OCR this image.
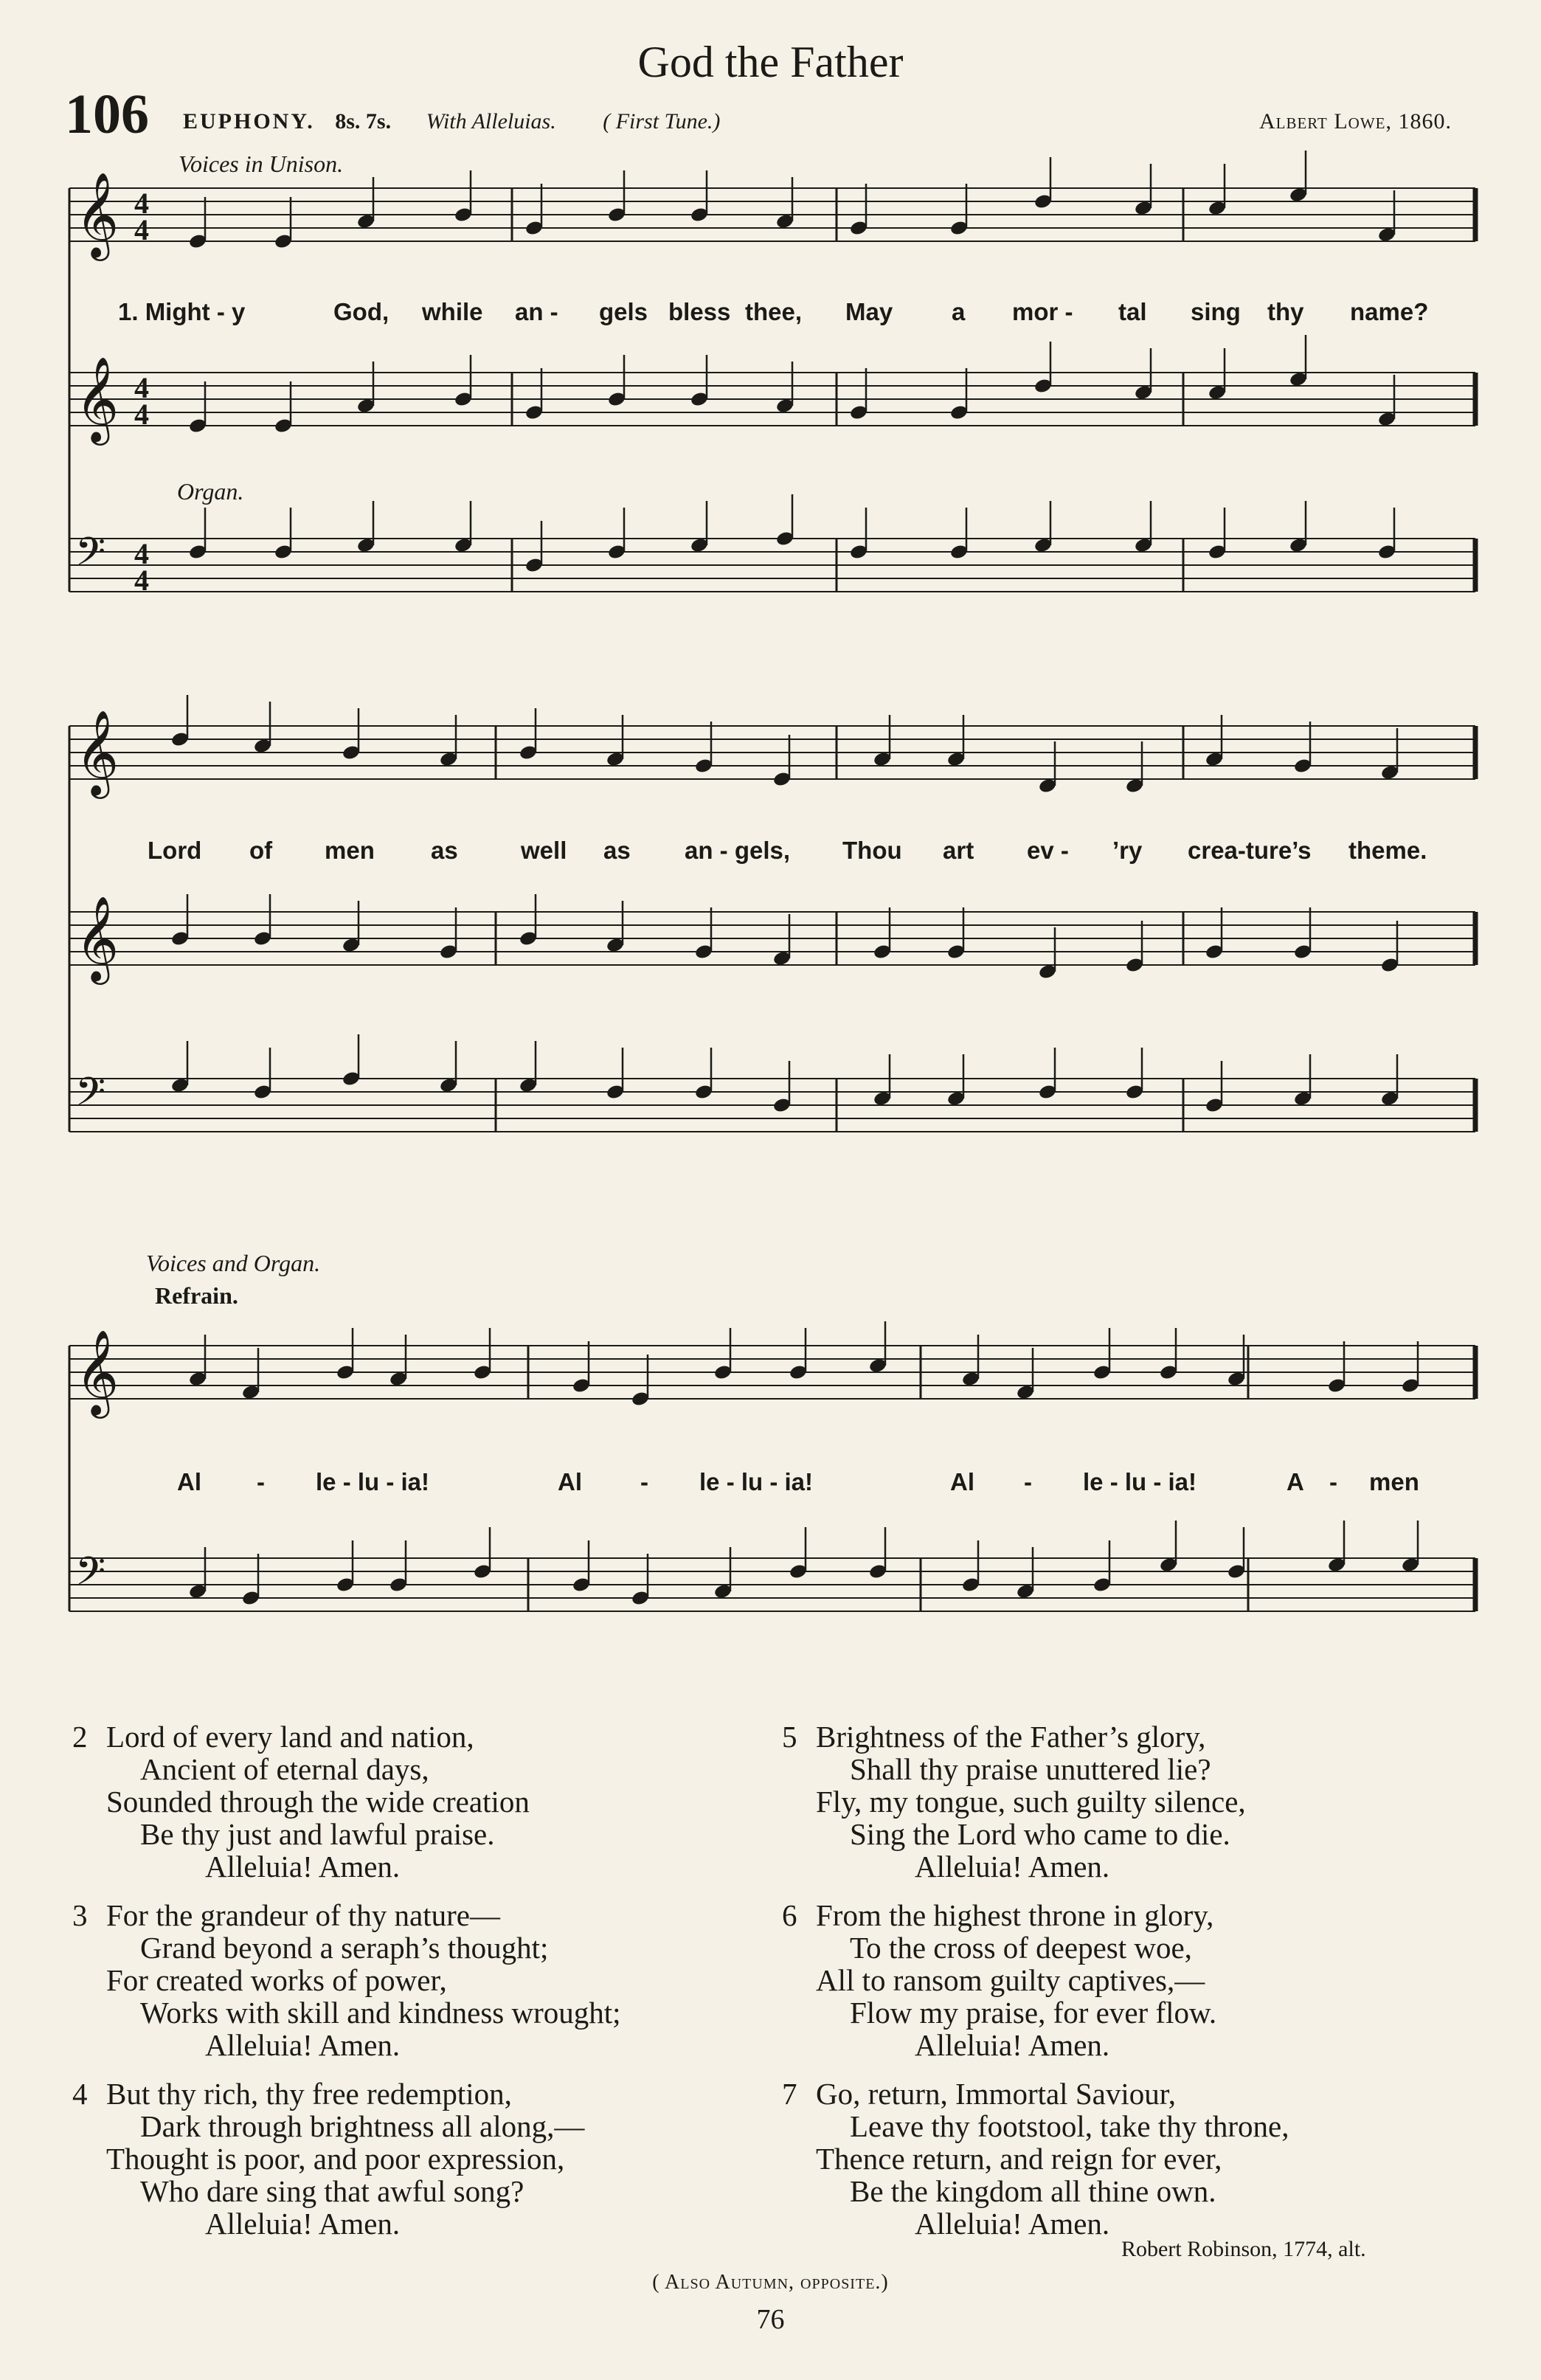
God the Father
106 EUPHONY. 8s. 7s. With Alleluias. ( First Tune.)	Albert Lowe, 1860.
𝄞 4
4
𝄞 4
4
𝄢 4
4
𝄞
𝄞
𝄢
𝄞
𝄢
Voices in Unison.
Organ.
Voices and Organ.
Refrain.
1. Might - y	God, while an - gels bless thee, May a mor - tal sing thy name?
Lord of men as	well as an - gels, Thou art ev - ’ry crea-ture’s theme.
Al - le - lu - ia!	Al - le - lu - ia!	Al - le - lu - ia!	A - men
2 Lord of every land and nation,
Ancient of eternal days,
Sounded through the wide creation
Be thy just and lawful praise.
Alleluia! Amen.
3 For the grandeur of thy nature—
Grand beyond a seraph’s thought;
For created works of power,
Works with skill and kindness wrought;
Alleluia! Amen.
4 But thy rich, thy free redemption,
Dark through brightness all along,—
Thought is poor, and poor expression,
Who dare sing that awful song?
Alleluia! Amen.
5 Brightness of the Father’s glory,
Shall thy praise unuttered lie?
Fly, my tongue, such guilty silence,
Sing the Lord who came to die.
Alleluia! Amen.
6 From the highest throne in glory,
To the cross of deepest woe,
All to ransom guilty captives,—
Flow my praise, for ever flow.
Alleluia! Amen.
7 Go, return, Immortal Saviour,
Leave thy footstool, take thy throne,
Thence return, and reign for ever,
Be the kingdom all thine own.
Alleluia! Amen.
Robert Robinson, 1774, alt.
( Also Autumn, opposite.)
76
